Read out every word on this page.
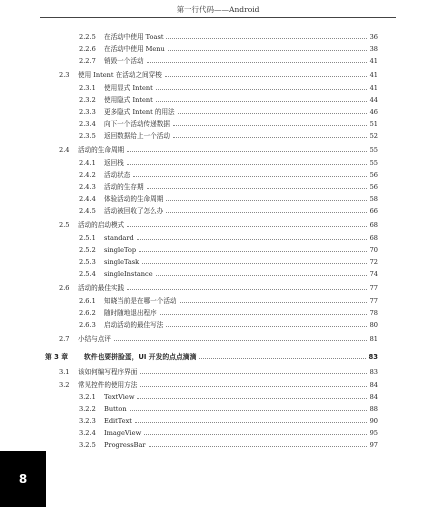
第一行代码——Android
2.2.5 在活动中使用 Toast	36
2.2.6 在活动中使用 Menu	38
2.2.7 销毁一个活动	41
2.3 使用 Intent 在活动之间穿梭	41
2.3.1 使用显式 Intent	41
2.3.2 使用隐式 Intent	44
2.3.3 更多隐式 Intent 的用法	46
2.3.4 向下一个活动传递数据	51
2.3.5 返回数据给上一个活动	52
2.4 活动的生命周期	55
2.4.1 返回栈	55
2.4.2 活动状态	56
2.4.3 活动的生存期	56
2.4.4 体验活动的生命周期	58
2.4.5 活动被回收了怎么办	66
2.5 活动的启动模式	68
2.5.1 standard	68
2.5.2 singleTop	70
2.5.3 singleTask	72
2.5.4 singleInstance	74
2.6 活动的最佳实践	77
2.6.1 知晓当前是在哪一个活动	77
2.6.2 随时随地退出程序	78
2.6.3 启动活动的最佳写法	80
2.7 小结与点评	81
第 3 章 软件也要拼脸蛋，UI 开发的点点滴滴	83
3.1 该如何编写程序界面	83
3.2 常见控件的使用方法	84
3.2.1 TextView	84
3.2.2 Button	88
3.2.3 EditText	90
3.2.4 ImageView	95
3.2.5 ProgressBar	97
8
